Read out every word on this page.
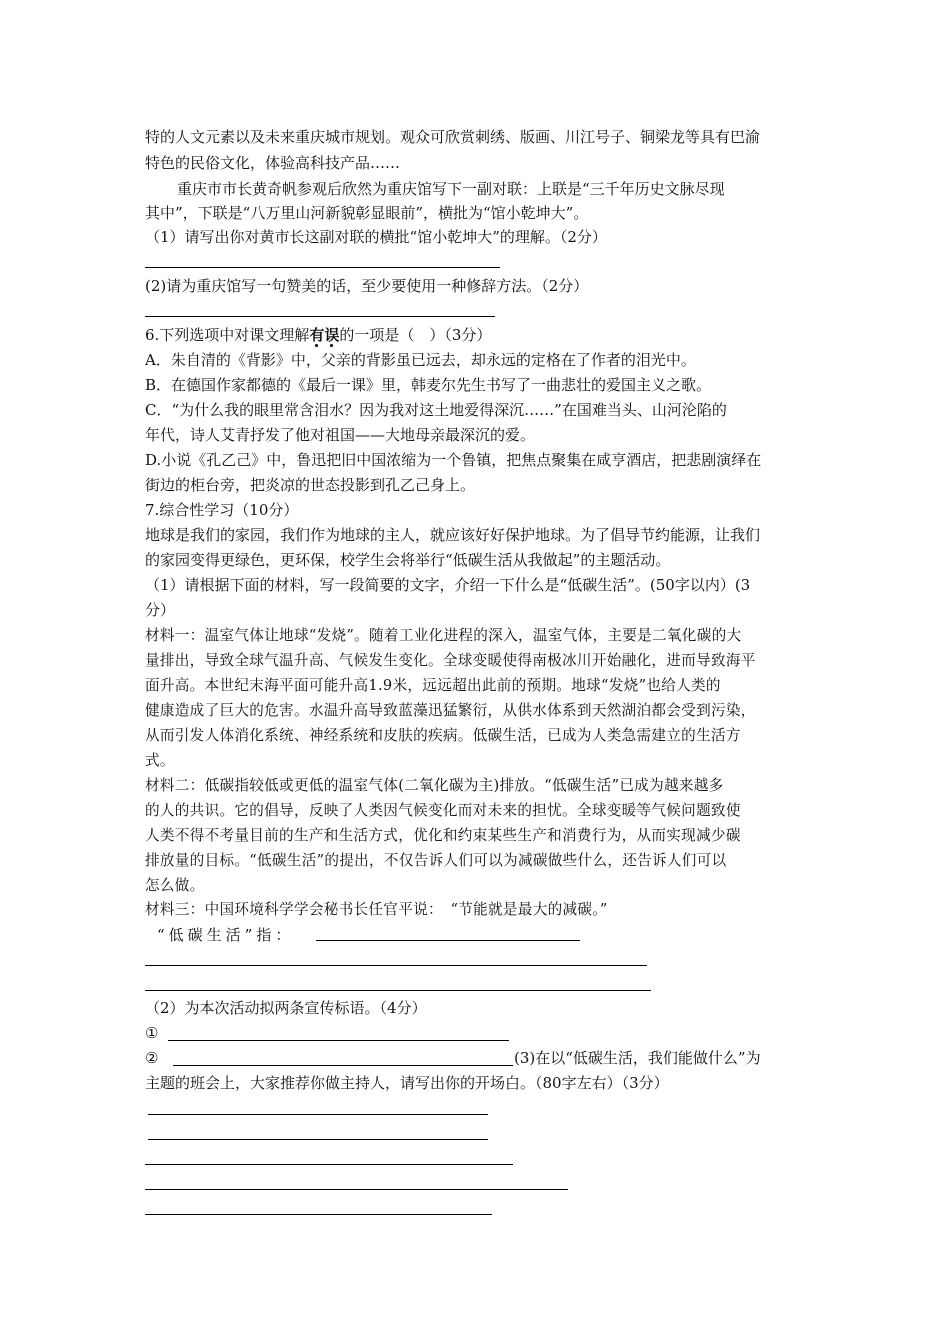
特的人文元素以及未来重庆城市规划。观众可欣赏刺绣、版画、川江号子、铜梁龙等具有巴渝

特色的民俗文化，体验高科技产品……

重庆市市长黄奇帆参观后欣然为重庆馆写下一副对联：上联是“三千年历史文脉尽现

其中”，下联是“八万里山河新貌彰显眼前”，横批为“馆小乾坤大”。

（1）请写出你对黄市长这副对联的横批“馆小乾坤大”的理解。（2分）

(2)请为重庆馆写一句赞美的话，至少要使用一种修辞方法。（2分）

6.下列选项中对课文理解有
误
的一项是（　）（3分）

A．朱自清的《背影》中，父亲的背影虽已远去，却永远的定格在了作者的泪光中。

B．在德国作家都德的《最后一课》里，韩麦尔先生书写了一曲悲壮的爱国主义之歌。

C．“为什么我的眼里常含泪水？因为我对这土地爱得深沉……”在国难当头、山河沦陷的

年代，诗人艾青抒发了他对祖国——大地母亲最深沉的爱。

D.小说《孔乙己》中，鲁迅把旧中国浓缩为一个鲁镇，把焦点聚集在咸亨酒店，把悲剧演绎在

街边的柜台旁，把炎凉的世态投影到孔乙己身上。

7.综合性学习（10分）

地球是我们的家园，我们作为地球的主人，就应该好好保护地球。为了倡导节约能源，让我们

的家园变得更绿色，更环保，校学生会将举行“低碳生活从我做起”的主题活动。

（1）请根据下面的材料，写一段简要的文字，介绍一下什么是“低碳生活”。(50字以内）(3

分）

材料一：温室气体让地球“发烧”。随着工业化进程的深入，温室气体，主要是二氧化碳的大

量排出，导致全球气温升高、气候发生变化。全球变暖使得南极冰川开始融化，进而导致海平

面升高。本世纪末海平面可能升高1.9米，远远超出此前的预期。地球“发烧”也给人类的

健康造成了巨大的危害。水温升高导致蓝藻迅猛繁衍，从供水体系到天然湖泊都会受到污染，

从而引发人体消化系统、神经系统和皮肤的疾病。低碳生活，已成为人类急需建立的生活方

式。

材料二：低碳指较低或更低的温室气体(二氧化碳为主)排放。“低碳生活”已成为越来越多

的人的共识。它的倡导，反映了人类因气候变化而对未来的担忧。全球变暖等气候问题致使

人类不得不考量目前的生产和生活方式，优化和约束某些生产和消费行为，从而实现减少碳

排放量的目标。“低碳生活”的提出，不仅告诉人们可以为减碳做些什么，还告诉人们可以

怎么做。

材料三：中国环境科学学会秘书长任官平说：　“节能就是最大的减碳。”

“低碳生活”指：

（2）为本次活动拟两条宣传标语。（4分）

①

②	(3)在以“低碳生活，我们能做什么”为

主题的班会上，大家推荐你做主持人，请写出你的开场白。（80字左右）（3分）
